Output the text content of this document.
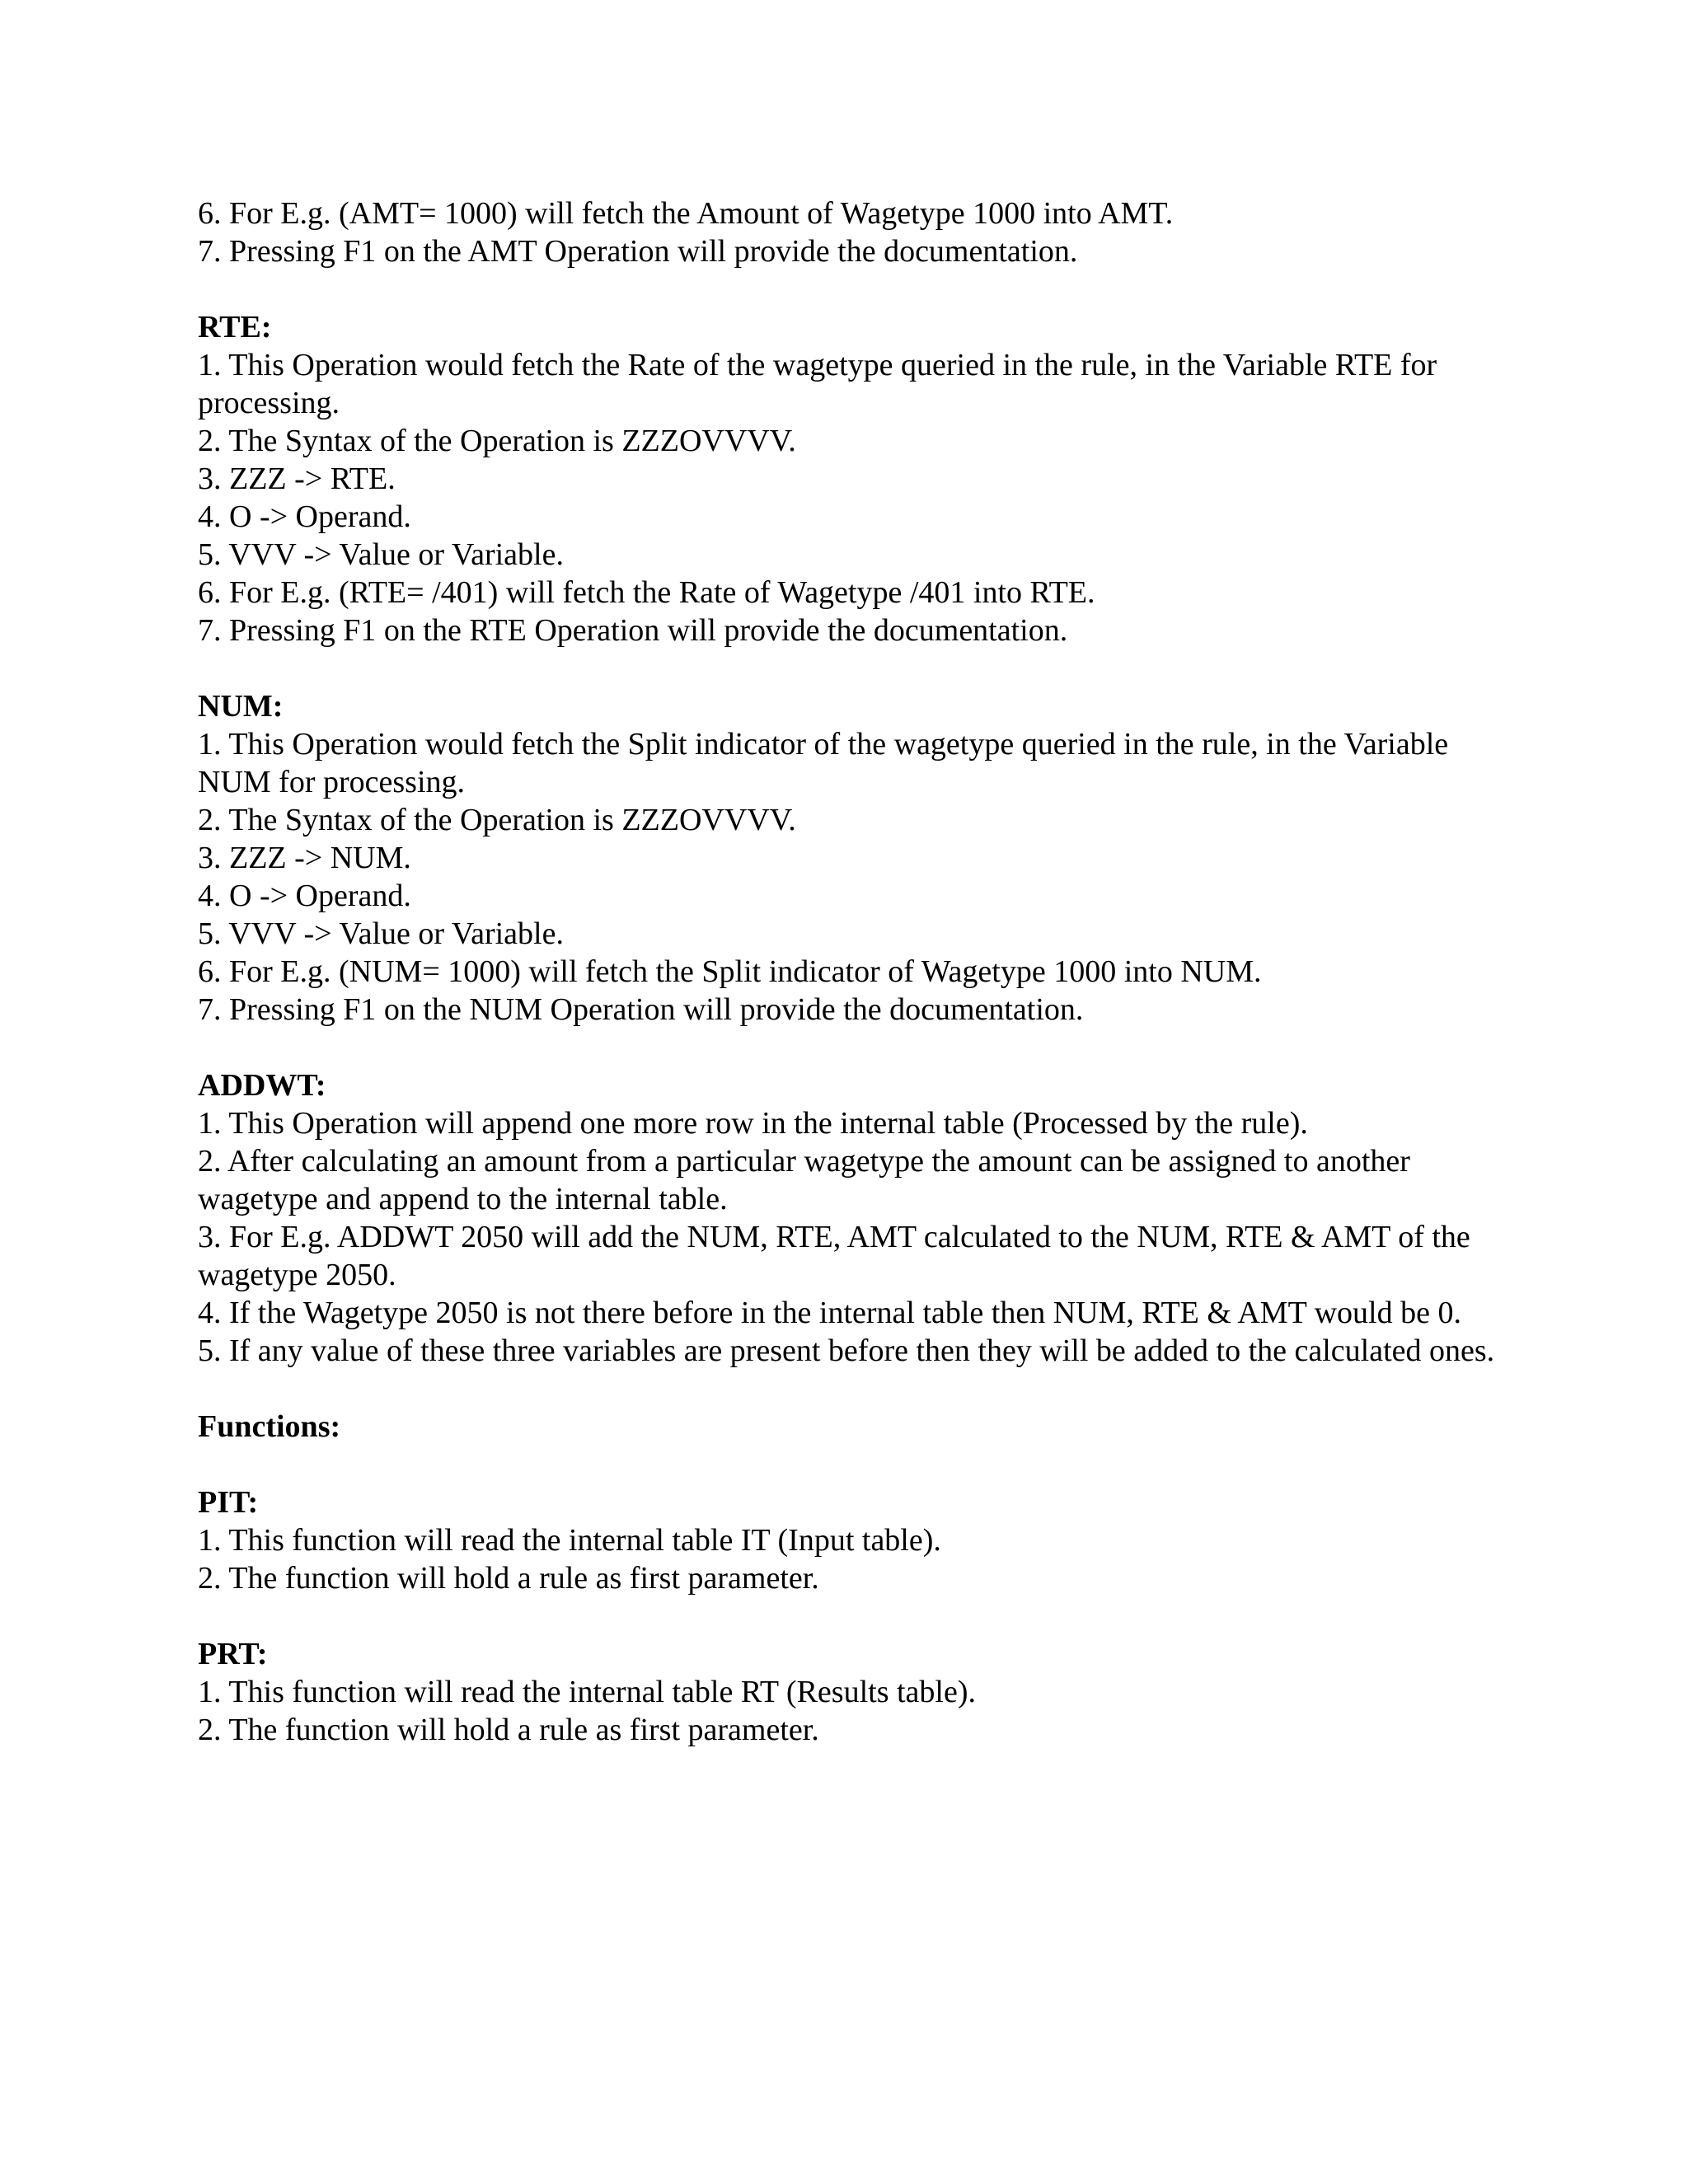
6. For E.g. (AMT= 1000) will fetch the Amount of Wagetype 1000 into AMT.

7. Pressing F1 on the AMT Operation will provide the documentation.

RTE:

1. This Operation would fetch the Rate of the wagetype queried in the rule, in the Variable RTE for processing.

2. The Syntax of the Operation is ZZZOVVVV.

3. ZZZ -> RTE.

4. O -> Operand.

5. VVV -> Value or Variable.

6. For E.g. (RTE= /401) will fetch the Rate of Wagetype /401 into RTE.

7. Pressing F1 on the RTE Operation will provide the documentation.

NUM:

1. This Operation would fetch the Split indicator of the wagetype queried in the rule, in the Variable NUM for processing.

2. The Syntax of the Operation is ZZZOVVVV.

3. ZZZ -> NUM.

4. O -> Operand.

5. VVV -> Value or Variable.

6. For E.g. (NUM= 1000) will fetch the Split indicator of Wagetype 1000 into NUM.

7. Pressing F1 on the NUM Operation will provide the documentation.

ADDWT:

1. This Operation will append one more row in the internal table (Processed by the rule).

2. After calculating an amount from a particular wagetype the amount can be assigned to another wagetype and append to the internal table.

3. For E.g. ADDWT 2050 will add the NUM, RTE, AMT calculated to the NUM, RTE & AMT of the wagetype 2050.

4. If the Wagetype 2050 is not there before in the internal table then NUM, RTE & AMT would be 0.

5. If any value of these three variables are present before then they will be added to the calculated ones.

Functions:

PIT:

1. This function will read the internal table IT (Input table).

2. The function will hold a rule as first parameter.

PRT:

1. This function will read the internal table RT (Results table).

2. The function will hold a rule as first parameter.
